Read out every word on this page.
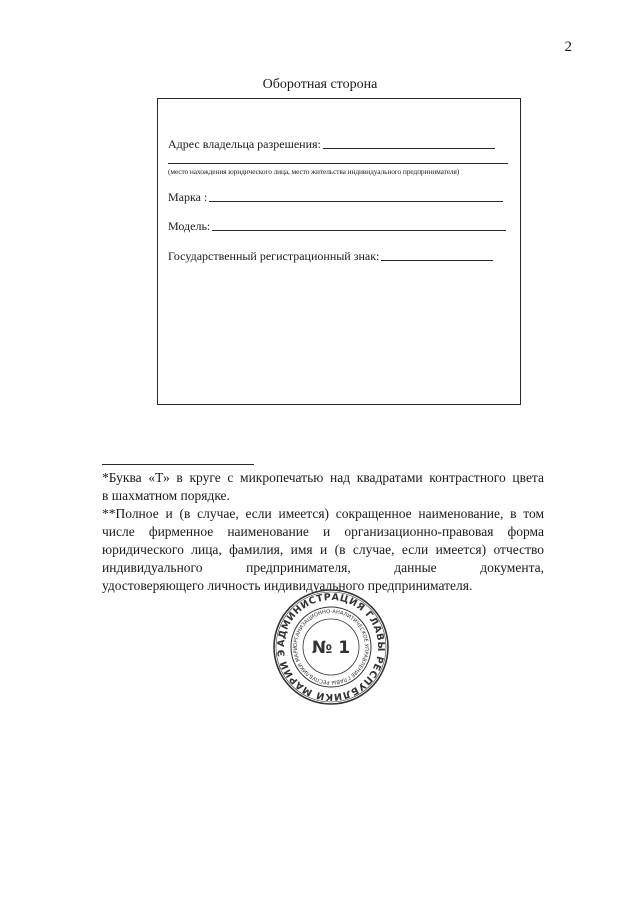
2
Оборотная сторона
Адрес владельца разрешения:
(место нахождения юридического лица, место жительства индивидуального предпринимателя)
Марка :
Модель:
Государственный регистрационный знак:
*Буква «Т» в круге с микропечатью над квадратами контрастного цвета
в шахматном порядке.
**Полное и (в случае, если имеется) сокращенное наименование, в том
числе фирменное наименование и организационно-правовая форма
юридического лица, фамилия, имя и (в случае, если имеется) отчество
индивидуального предпринимателя, данные документа,
удостоверяющего личность индивидуального предпринимателя.
АДМИНИСТРАЦИЯ ГЛАВЫ РЕСПУБЛИКИ МАРИЙ Э
ОРГАНИЗАЦИОННО-АНАЛИТИЧЕСКОЕ УПРАВЛЕНИЕ ГЛАВЫ РЕСПУБЛИКИ МАРИ № 1
